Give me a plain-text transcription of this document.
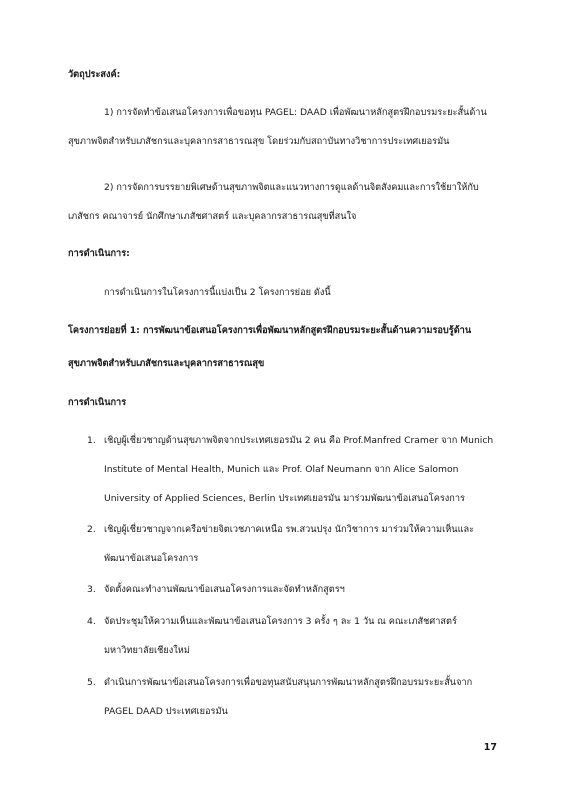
วัตถุประสงค์:
1) การจัดทำข้อเสนอโครงการเพื่อขอทุน PAGEL: DAAD เพื่อพัฒนาหลักสูตรฝึกอบรมระยะสั้นด้าน
สุขภาพจิตสำหรับเภสัชกรและบุคลากรสาธารณสุข โดยร่วมกับสถาบันทางวิชาการประเทศเยอรมัน
2) การจัดการบรรยายพิเศษด้านสุขภาพจิตและแนวทางการดูแลด้านจิตสังคมและการใช้ยาให้กับ
เภสัชกร คณาจารย์ นักศึกษาเภสัชศาสตร์ และบุคลากรสาธารณสุขที่สนใจ
การดำเนินการ:
การดำเนินการในโครงการนี้แบ่งเป็น 2 โครงการย่อย ดังนี้
โครงการย่อยที่ 1: การพัฒนาข้อเสนอโครงการเพื่อพัฒนาหลักสูตรฝึกอบรมระยะสั้นด้านความรอบรู้ด้าน
สุขภาพจิตสำหรับเภสัชกรและบุคลากรสาธารณสุข
การดำเนินการ
1. เชิญผู้เชี่ยวชาญด้านสุขภาพจิตจากประเทศเยอรมัน 2 คน คือ Prof.Manfred Cramer จาก Munich
Institute of Mental Health, Munich และ Prof. Olaf Neumann จาก Alice Salomon
University of Applied Sciences, Berlin ประเทศเยอรมัน มาร่วมพัฒนาข้อเสนอโครงการ
2. เชิญผู้เชี่ยวชาญจากเครือข่ายจิตเวชภาคเหนือ รพ.สวนปรุง นักวิชาการ มาร่วมให้ความเห็นและ
พัฒนาข้อเสนอโครงการ
3. จัดตั้งคณะทำงานพัฒนาข้อเสนอโครงการและจัดทำหลักสูตรฯ
4. จัดประชุมให้ความเห็นและพัฒนาข้อเสนอโครงการ 3 ครั้ง ๆ ละ 1 วัน ณ คณะเภสัชศาสตร์
มหาวิทยาลัยเชียงใหม่
5. ดำเนินการพัฒนาข้อเสนอโครงการเพื่อขอทุนสนับสนุนการพัฒนาหลักสูตรฝึกอบรมระยะสั้นจาก
PAGEL DAAD ประเทศเยอรมัน
17
